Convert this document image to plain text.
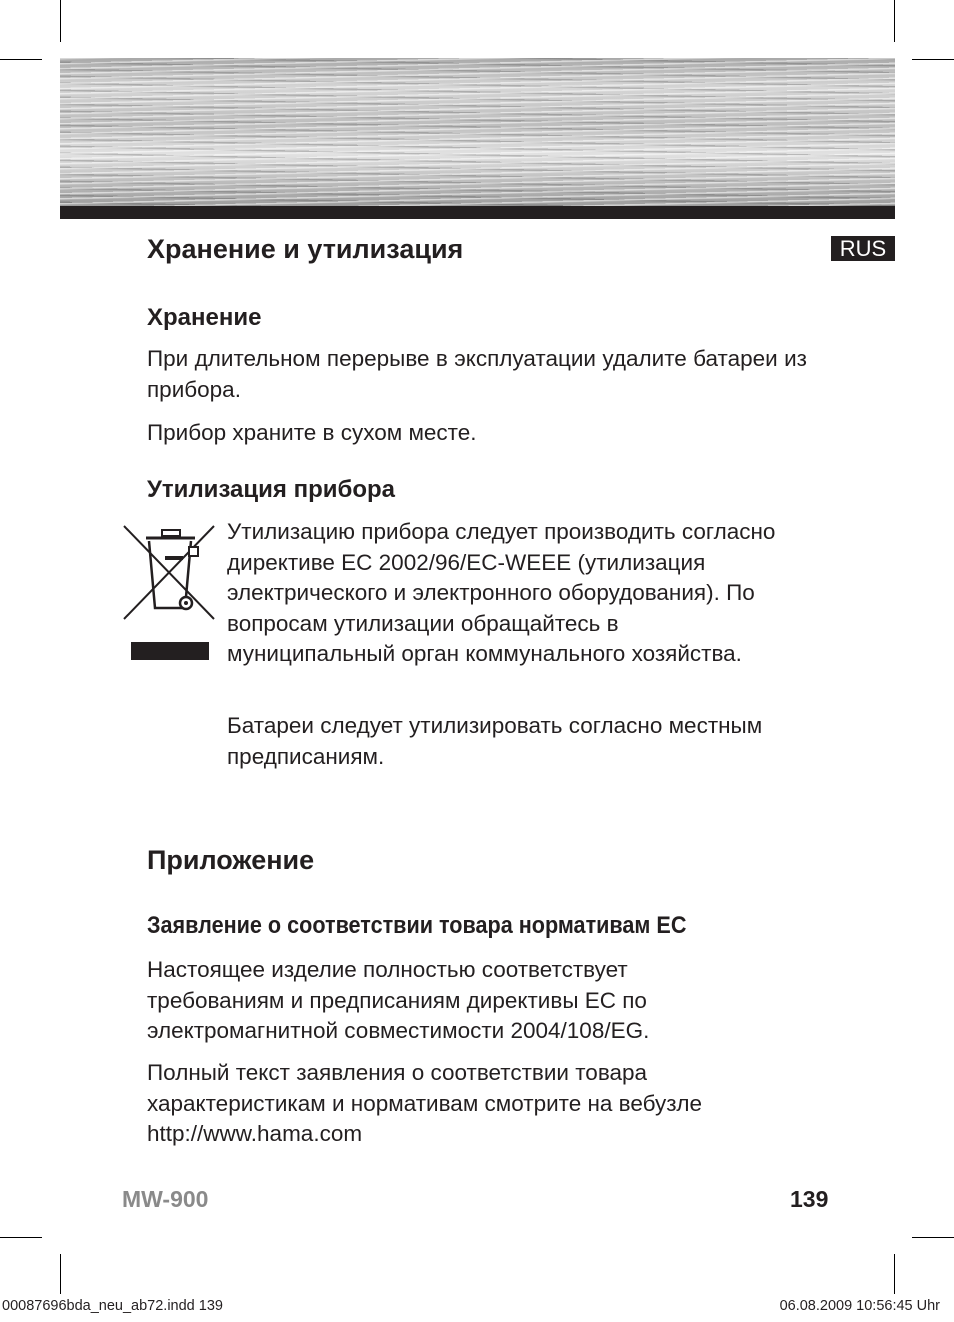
RUS
Хранение и утилизация
Хранение

При длительном перерыве в эксплуатации удалите батареи из прибора.

Прибор храните в сухом месте.

Утилизация прибора

Утилизацию прибора следует производить согласно директиве EC 2002/96/EC-WEEE (утилизация электрического и электронного оборудования). По вопросам утилизации обращайтесь в муниципальный орган коммунального хозяйства.

Батареи следует утилизировать согласно местным предписаниям.

Приложение
Заявление о соответствии товара нормативам ЕС

Настоящее изделие полностью соответствует требованиям и предписаниям директивы ЕС по электромагнитной совместимости 2004/108/EG.

Полный текст заявления о соответствии товара характеристикам и нормативам смотрите на вебузле http://www.hama.com

MW-900	139
00087696bda_neu_ab72.indd 139	06.08.2009 10:56:45 Uhr
